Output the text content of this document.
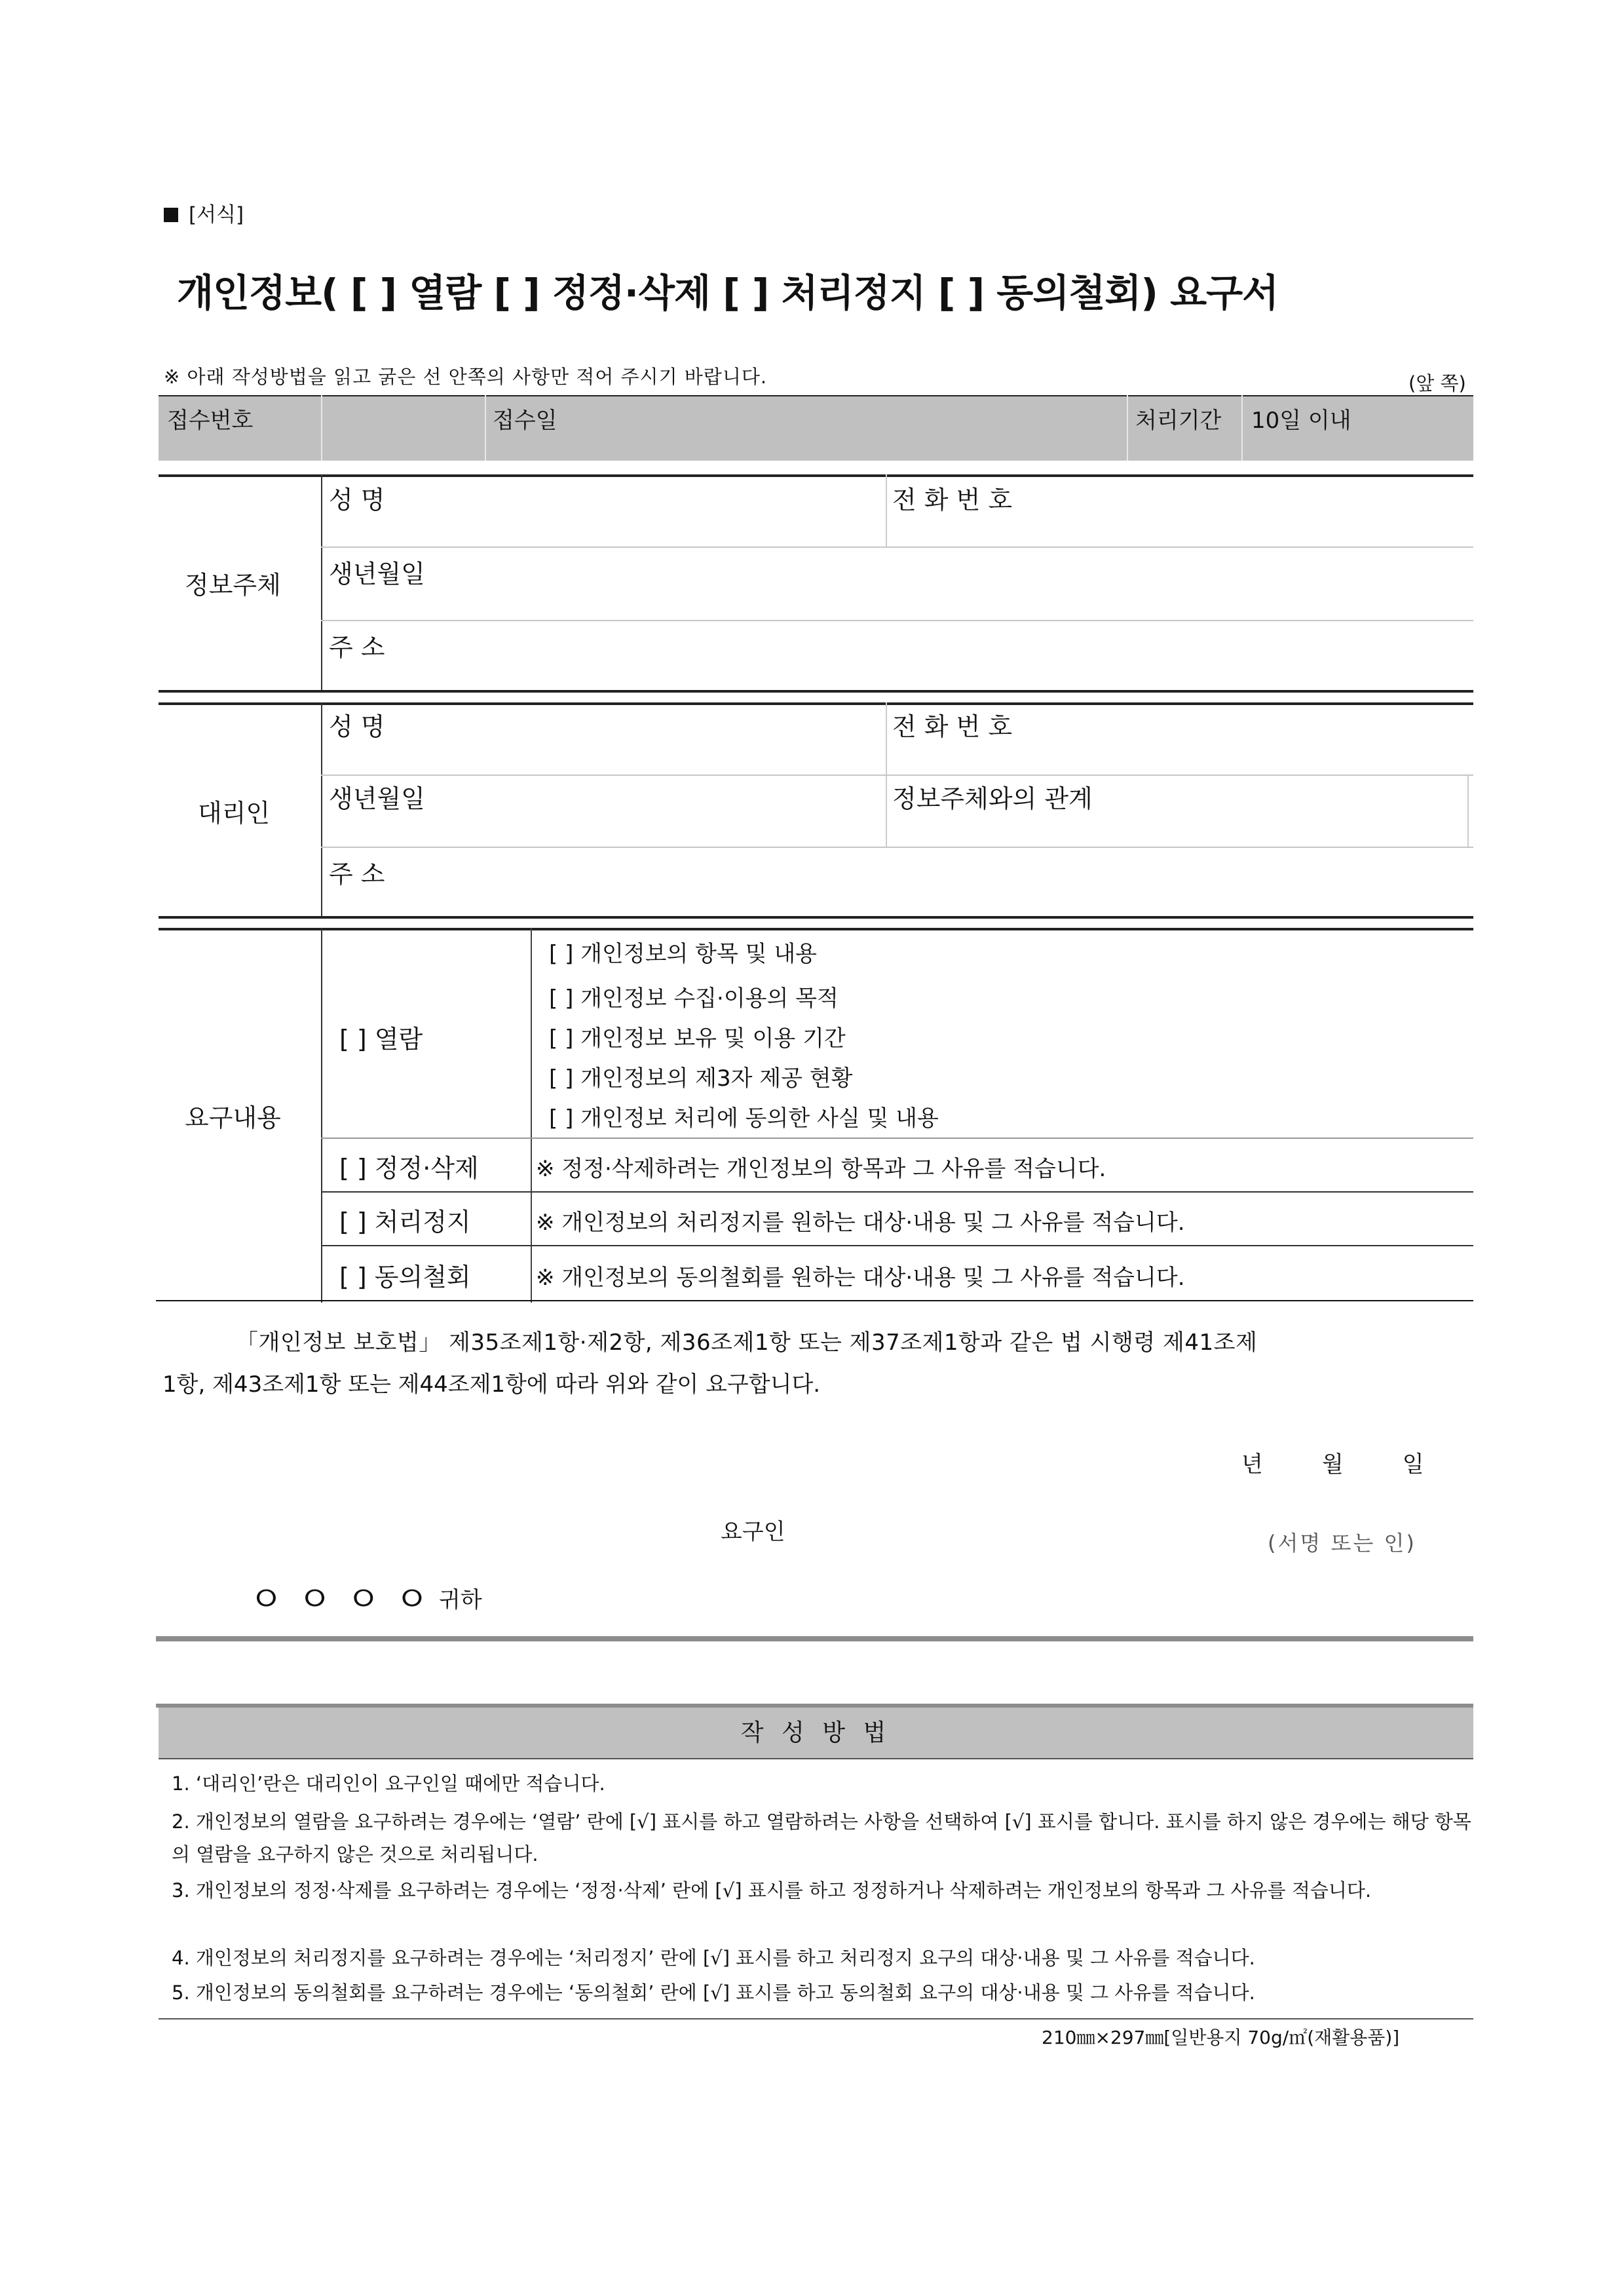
[서식]
개인정보( [ ] 열람 [ ] 정정·삭제 [ ] 처리정지 [ ] 동의철회) 요구서
※ 아래 작성방법을 읽고 굵은 선 안쪽의 사항만 적어 주시기 바랍니다.	(앞 쪽)
접수번호	접수일	처리기간 10일 이내
정보주체
성 명	전 화 번 호
생년월일
주 소
대리인
성 명	전 화 번 호
생년월일	정보주체와의 관계
주 소
요구내용
[ ] 열람
[ ] 개인정보의 항목 및 내용
[ ] 개인정보 수집·이용의 목적
[ ] 개인정보 보유 및 이용 기간
[ ] 개인정보의 제3자 제공 현황
[ ] 개인정보 처리에 동의한 사실 및 내용
[ ] 정정·삭제	※ 정정·삭제하려는 개인정보의 항목과 그 사유를 적습니다.
[ ] 처리정지	※ 개인정보의 처리정지를 원하는 대상·내용 및 그 사유를 적습니다.
[ ] 동의철회	※ 개인정보의 동의철회를 원하는 대상·내용 및 그 사유를 적습니다.
「개인정보 보호법」 제35조제1항·제2항, 제36조제1항 또는 제37조제1항과 같은 법 시행령 제41조제
1항, 제43조제1항 또는 제44조제1항에 따라 위와 같이 요구합니다.
년     월     일
요구인	(서명 또는 인)
ㅇㅇㅇㅇ
귀하
작 성 방 법
1. ‘대리인’란은 대리인이 요구인일 때에만 적습니다.
2. 개인정보의 열람을 요구하려는 경우에는 ‘열람’ 란에 [√] 표시를 하고 열람하려는 사항을 선택하여 [√] 표시를 합니다. 표시를 하지 않은 경우에는 해당 항목의 열람을 요구하지 않은 것으로 처리됩니다.
3. 개인정보의 정정·삭제를 요구하려는 경우에는 ‘정정·삭제’ 란에 [√] 표시를 하고 정정하거나 삭제하려는 개인정보의 항목과 그 사유를 적습니다.
4. 개인정보의 처리정지를 요구하려는 경우에는 ‘처리정지’ 란에 [√] 표시를 하고 처리정지 요구의 대상·내용 및 그 사유를 적습니다.
5. 개인정보의 동의철회를 요구하려는 경우에는 ‘동의철회’ 란에 [√] 표시를 하고 동의철회 요구의 대상·내용 및 그 사유를 적습니다.
210㎜×297㎜[일반용지 70g/㎡(재활용품)]
